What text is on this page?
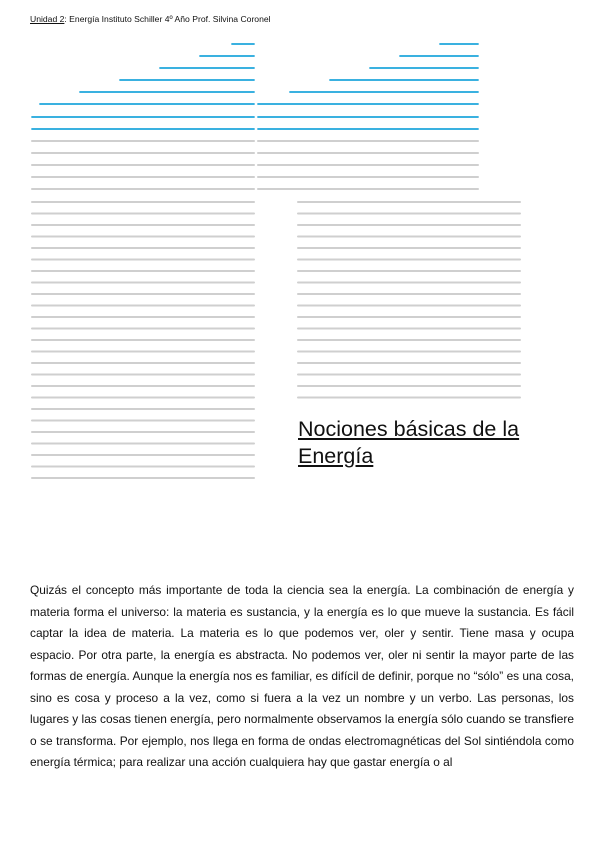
Unidad 2: Energía Instituto Schiller 4º Año Prof. Silvina Coronel
Nociones básicas de la Energía

Quizás el concepto más importante de toda la ciencia sea la energía. La combinación de energía y materia forma el universo: la materia es sustancia, y la energía es lo que mueve la sustancia. Es fácil captar la idea de materia. La materia es lo que podemos ver, oler y sentir. Tiene masa y ocupa espacio. Por otra parte, la energía es abstracta. No podemos ver, oler ni sentir la mayor parte de las formas de energía. Aunque la energía nos es familiar, es difícil de definir, porque no “sólo” es una cosa, sino es cosa y proceso a la vez, como si fuera a la vez un nombre y un verbo. Las personas, los lugares y las cosas tienen energía, pero normalmente observamos la energía sólo cuando se transfiere o se transforma. Por ejemplo, nos llega en forma de ondas electromagnéticas del Sol sintiéndola como energía térmica; para realizar una acción cualquiera hay que gastar energía o al
